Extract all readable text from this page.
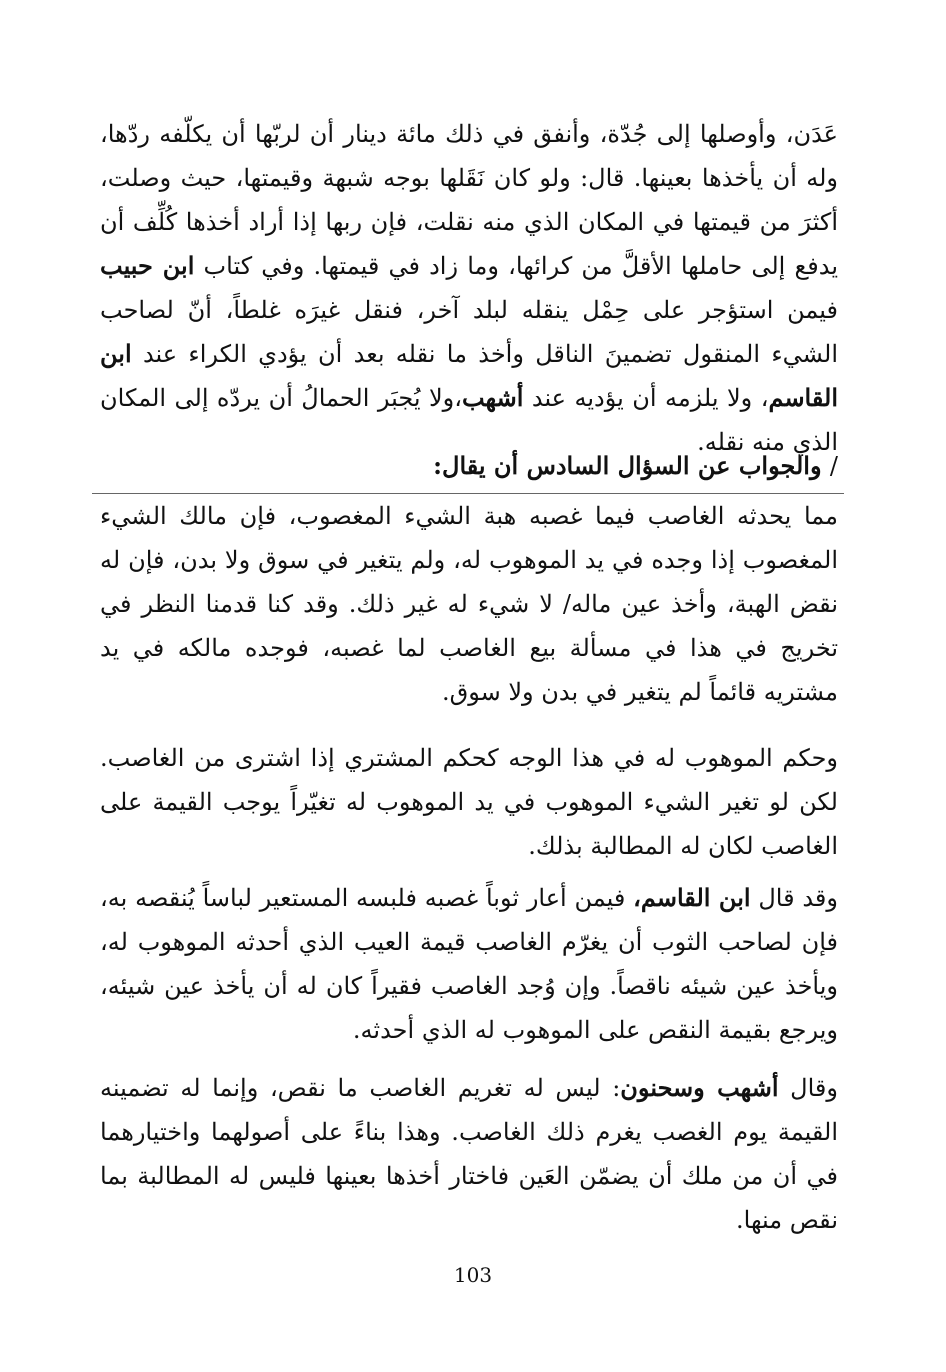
عَدَن، وأوصلها إلى جُدّة، وأنفق في ذلك مائة دينار أن لربّها أن يكلّفه ردّها، وله أن يأخذها بعينها. قال: ولو كان نَقَلها بوجه شبهة وقيمتها، حيث وصلت، أكثرَ من قيمتها في المكان الذي منه نقلت، فإن ربها إذا أراد أخذها كُلِّف أن يدفع إلى حاملها الأقلَّ من كرائها، وما زاد في قيمتها. وفي كتاب ابن حبيب فيمن استؤجر على حِمْل ينقله لبلد آخر، فنقل غيرَه غلطاً، أنّ لصاحب الشيء المنقول تضمينَ الناقل وأخذ ما نقله بعد أن يؤدي الكراء عند ابن القاسم، ولا يلزمه أن يؤديه عند أشهب،ولا يُجبَر الحمالُ أن يردّه إلى المكان الذي منه نقله.

/ والجواب عن السؤال السادس أن يقال:

مما يحدثه الغاصب فيما غصبه هبة الشيء المغصوب، فإن مالك الشيء المغصوب إذا وجده في يد الموهوب له، ولم يتغير في سوق ولا بدن، فإن له نقض الهبة، وأخذ عين ماله/ لا شيء له غير ذلك. وقد كنا قدمنا النظر في تخريج في هذا في مسألة بيع الغاصب لما غصبه، فوجده مالكه في يد مشتريه قائماً لم يتغير في بدن ولا سوق.

وحكم الموهوب له في هذا الوجه كحكم المشتري إذا اشترى من الغاصب. لكن لو تغير الشيء الموهوب في يد الموهوب له تغيّراً يوجب القيمة على الغاصب لكان له المطالبة بذلك.

وقد قال ابن القاسم، فيمن أعار ثوباً غصبه فلبسه المستعير لباساً يُنقصه به، فإن لصاحب الثوب أن يغرّم الغاصب قيمة العيب الذي أحدثه الموهوب له، ويأخذ عين شيئه ناقصاً. وإن وُجد الغاصب فقيراً كان له أن يأخذ عين شيئه، ويرجع بقيمة النقص على الموهوب له الذي أحدثه.

وقال أشهب وسحنون: ليس له تغريم الغاصب ما نقص، وإنما له تضمينه القيمة يوم الغصب يغرم ذلك الغاصب. وهذا بناءً على أصولهما واختيارهما في أن من ملك أن يضمّن العَين فاختار أخذها بعينها فليس له المطالبة بما نقص منها.

103
